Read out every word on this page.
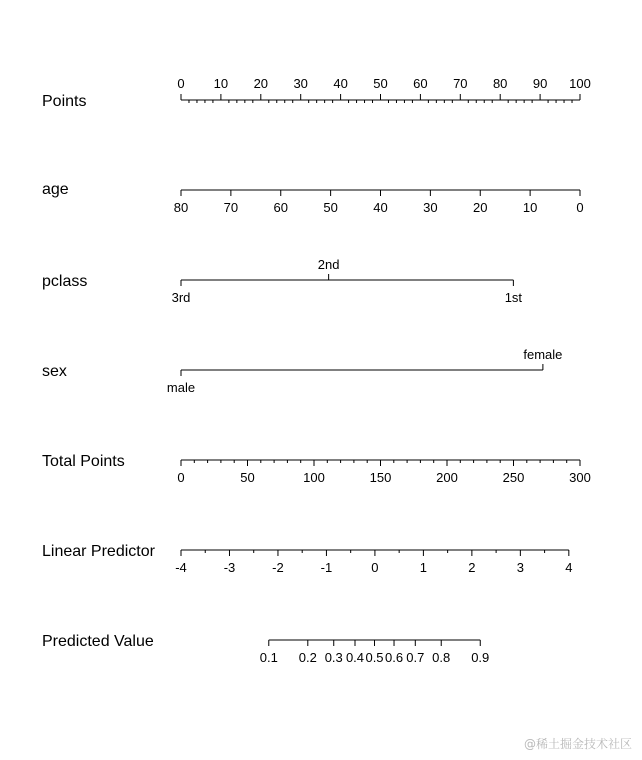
Points
0 10 20 30 40 50 60 70 80 90 100
age
80	70	60	50	40	30	20	10	0
pclass
3rd
2nd
1st
sex
male
female
Total Points
0	50	100	150	200	250	300
Linear Predictor
-4	-3	-2	-1	0	1	2	3	4
Predicted Value
0.1 0.2 0.3 0.4 0.5 0.6 0.7 0.8 0.9
@稀土掘金技术社区
